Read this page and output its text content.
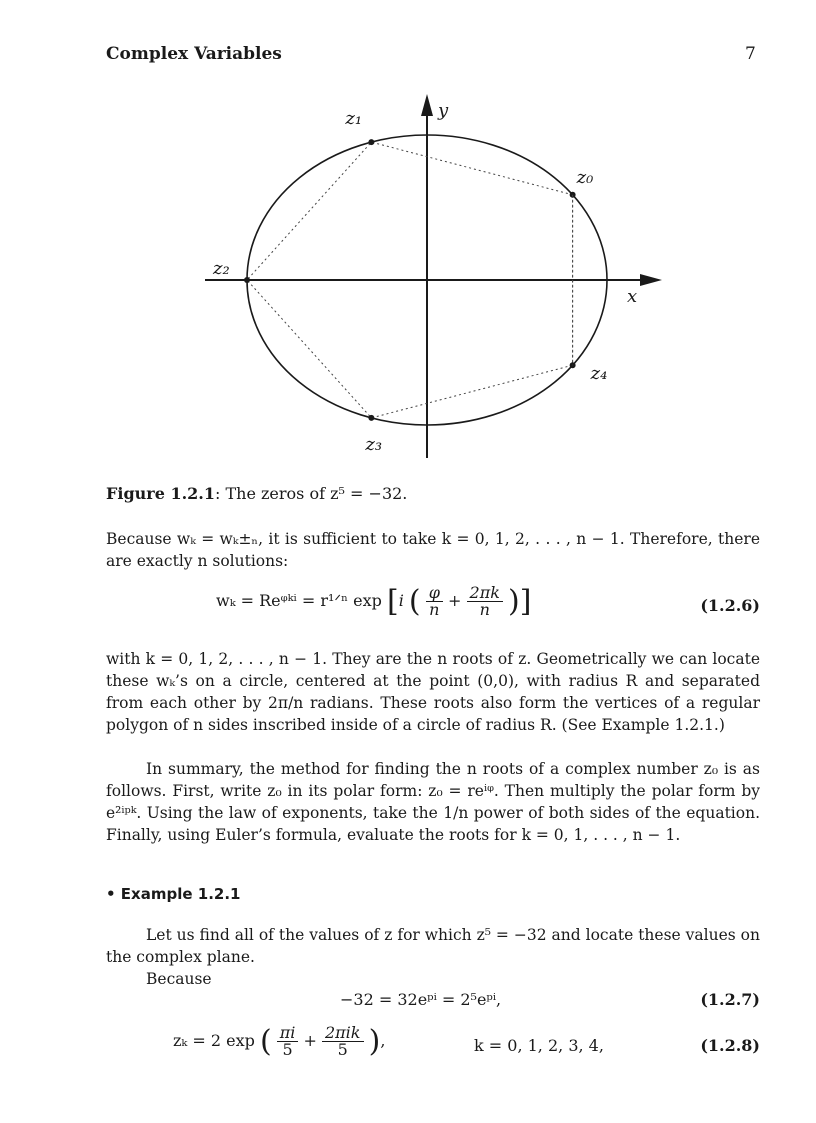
Complex Variables	7
x
y
z₀
z₁
z₂
z₃
z₄
Figure 1.2.1: The zeros of z⁵ = −32.

Because wₖ = wₖ±ₙ, it is sufficient to take k = 0, 1, 2, . . . , n − 1. Therefore, there are exactly n solutions:

wₖ = Reᵠᵏⁱ = r¹ᐟⁿ exp [i ( $\frac{\varphi}{n} + \frac{2\pi k}{n}$ )]	(1.2.6)

with k = 0, 1, 2, . . . , n − 1. They are the n roots of z. Geometrically we can locate these wₖ’s on a circle, centered at the point (0,0), with radius R and separated from each other by 2π/n radians. These roots also form the vertices of a regular polygon of n sides inscribed inside of a circle of radius R. (See Example 1.2.1.)

In summary, the method for finding the n roots of a complex number z₀ is as follows. First, write z₀ in its polar form: z₀ = reⁱᵠ. Then multiply the polar form by e²ⁱᵖᵏ. Using the law of exponents, take the 1/n power of both sides of the equation. Finally, using Euler’s formula, evaluate the roots for k = 0, 1, . . . , n − 1.

• Example 1.2.1

Let us find all of the values of z for which z⁵ = −32 and locate these values on the complex plane.

Because

−32 = 32eᵖⁱ = 2⁵eᵖⁱ,	(1.2.7)
zₖ = 2 exp ( $\frac{\pi i}{5} + \frac{\text{2πik}}{5}$ ),	k = 0, 1, 2, 3, 4,	(1.2.8)
